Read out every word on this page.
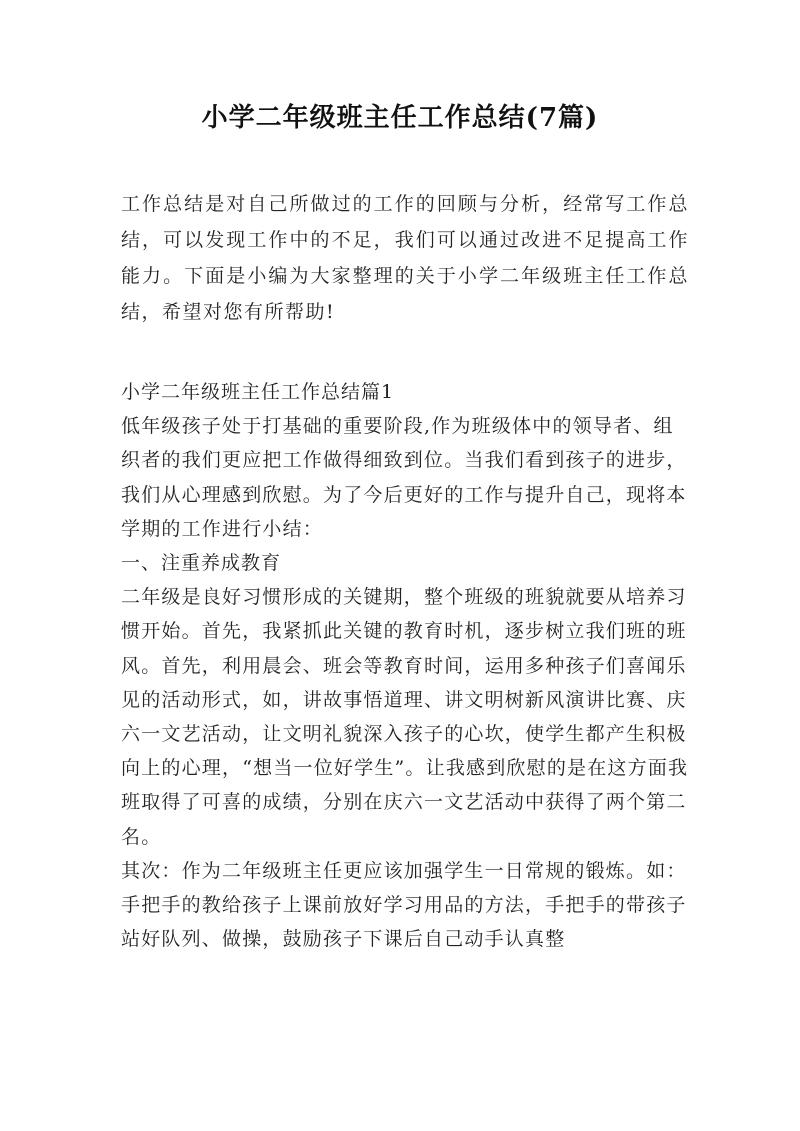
小学二年级班主任工作总结(7篇)
工作总结是对自己所做过的工作的回顾与分析，经常写工作总结，可以发现工作中的不足，我们可以通过改进不足提高工作能力。下面是小编为大家整理的关于小学二年级班主任工作总结，希望对您有所帮助!

小学二年级班主任工作总结篇1

低年级孩子处于打基础的重要阶段,作为班级体中的领导者、组织者的我们更应把工作做得细致到位。当我们看到孩子的进步，我们从心理感到欣慰。为了今后更好的工作与提升自己，现将本学期的工作进行小结：

一、注重养成教育

二年级是良好习惯形成的关键期，整个班级的班貌就要从培养习惯开始。首先，我紧抓此关键的教育时机，逐步树立我们班的班风。首先，利用晨会、班会等教育时间，运用多种孩子们喜闻乐见的活动形式，如，讲故事悟道理、讲文明树新风演讲比赛、庆六一文艺活动，让文明礼貌深入孩子的心坎，使学生都产生积极向上的心理，“想当一位好学生”。让我感到欣慰的是在这方面我班取得了可喜的成绩，分别在庆六一文艺活动中获得了两个第二名。

其次：作为二年级班主任更应该加强学生一日常规的锻炼。如：手把手的教给孩子上课前放好学习用品的方法，手把手的带孩子站好队列、做操，鼓励孩子下课后自己动手认真整
